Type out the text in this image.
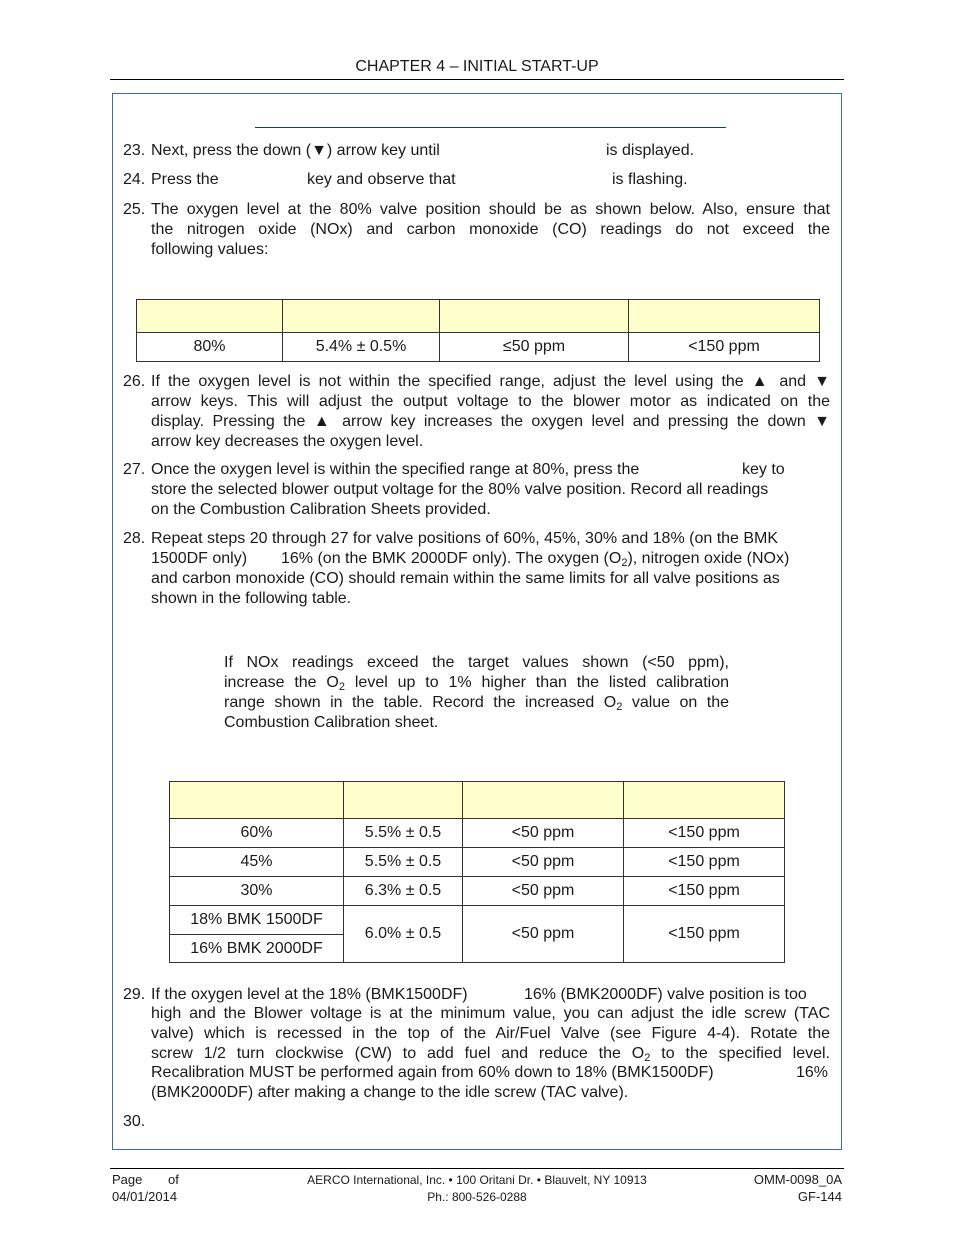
CHAPTER 4 – INITIAL START-UP
23. Next, press the down (▼) arrow key until	is displayed.
24. Press the	key and observe that	is flashing.
25. The oxygen level at the 80% valve position should be as shown below. Also, ensure that
the nitrogen oxide (NOx) and carbon monoxide (CO) readings do not exceed the
following values:

80%	5.4% ± 0.5%	≤50 ppm	<150 ppm
26. If the oxygen level is not within the specified range, adjust the level using the ▲ and ▼
arrow keys. This will adjust the output voltage to the blower motor as indicated on the
display. Pressing the ▲ arrow key increases the oxygen level and pressing the down ▼
arrow key decreases the oxygen level.
27. Once the oxygen level is within the specified range at 80%, press the	key to
store the selected blower output voltage for the 80% valve position. Record all readings
on the Combustion Calibration Sheets provided.
28. Repeat steps 20 through 27 for valve positions of 60%, 45%, 30% and 18% (on the BMK
1500DF only) 16% (on the BMK 2000DF only). The oxygen $(O_2)$, nitrogen oxide (NOx)
and carbon monoxide (CO) should remain within the same limits for all valve positions as
shown in the following table.
If NOx readings exceed the target values shown (<50 ppm),
increase the $O_2$ level up to 1% higher than the listed calibration
range shown in the table. Record the increased $O_2$ value on the
Combustion Calibration sheet.

60%	5.5% ± 0.5	<50 ppm	<150 ppm
45%	5.5% ± 0.5	<50 ppm	<150 ppm
30%	6.3% ± 0.5	<50 ppm	<150 ppm
18% BMK 1500DF	6.0% ± 0.5	<50 ppm	<150 ppm
16% BMK 2000DF			
29. If the oxygen level at the 18% (BMK1500DF)	16% (BMK2000DF) valve position is too
high and the Blower voltage is at the minimum value, you can adjust the idle screw (TAC
valve) which is recessed in the top of the Air/Fuel Valve (see Figure 4-4). Rotate the
screw 1/2 turn clockwise (CW) to add fuel and reduce the $O_2$ to the specified level.
Recalibration MUST be performed again from 60% down to 18% (BMK1500DF)	16%
(BMK2000DF) after making a change to the idle screw (TAC valve).
30.
Page of
04/01/2014
AERCO International, Inc. • 100 Oritani Dr. • Blauvelt, NY 10913
Ph.: 800-526-0288
OMM-0098_0A
GF-144
